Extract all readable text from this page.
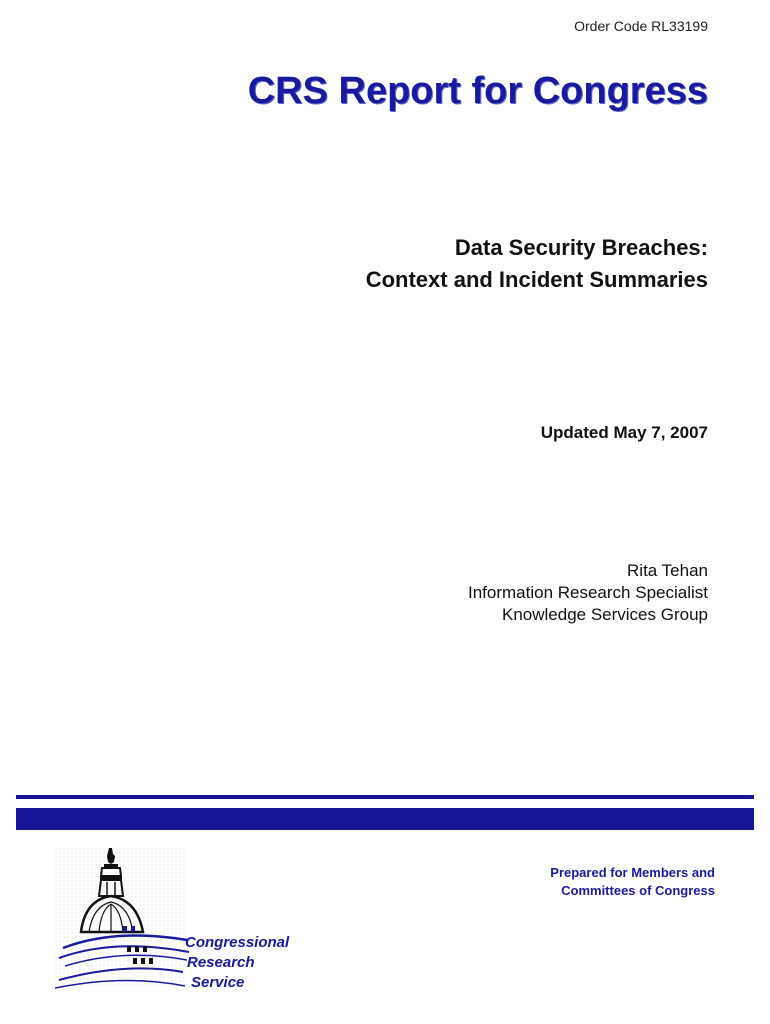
Order Code RL33199
CRS Report for Congress
Data Security Breaches:
Context and Incident Summaries
Updated May 7, 2007
Rita Tehan
Information Research Specialist
Knowledge Services Group
Prepared for Members and
Committees of Congress
Congressional
Research
Service
